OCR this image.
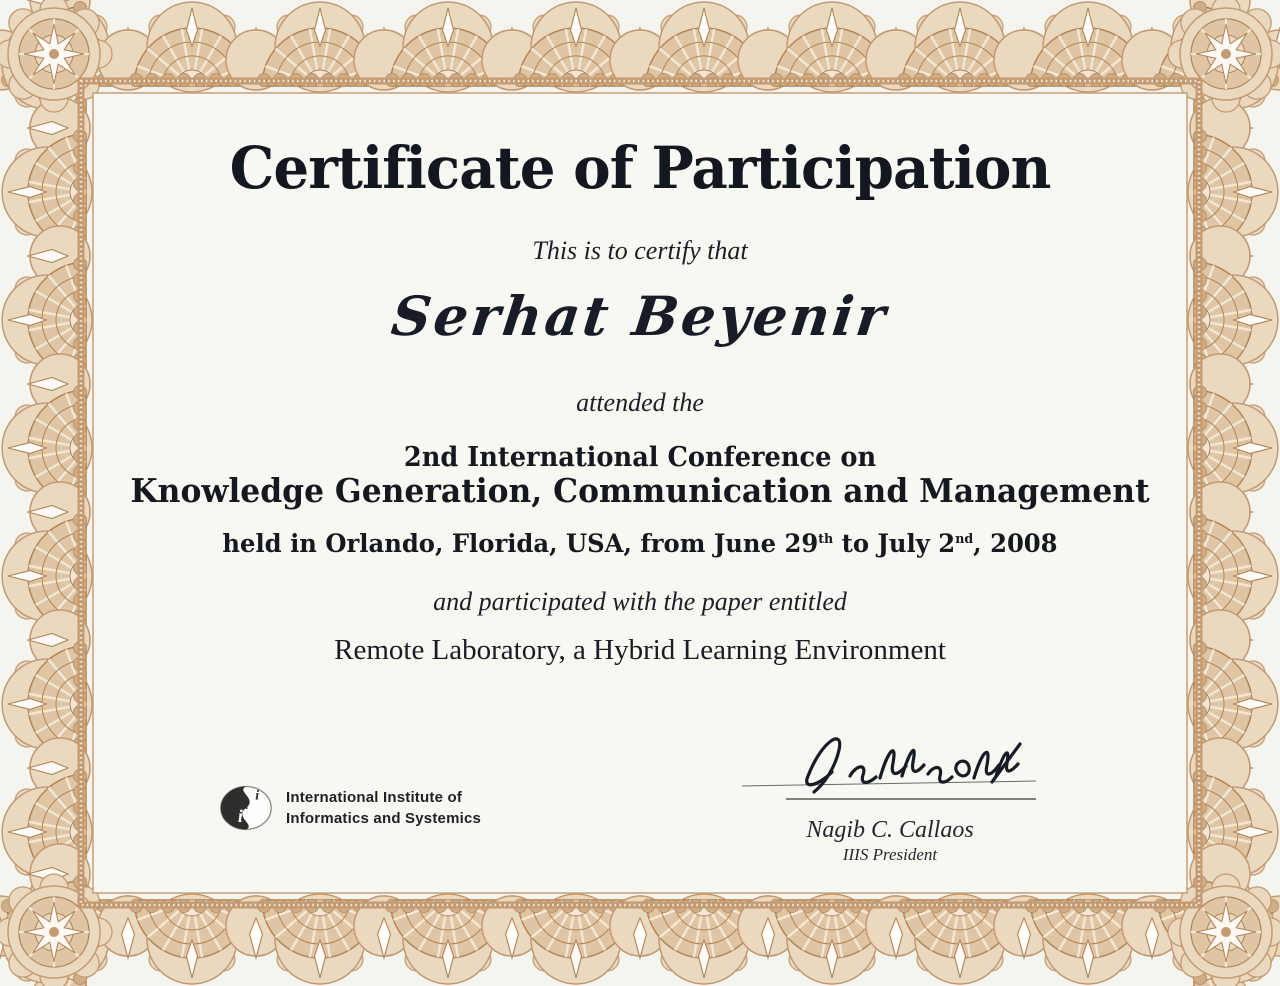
Certificate of Participation
This is to certify that
Serhat Beyenir
attended the
2nd International Conference on
Knowledge Generation, Communication and Management
held in Orlando, Florida, USA, from June 29th to July 2nd, 2008
and participated with the paper entitled
Remote Laboratory, a Hybrid Learning Environment
i i
i International Institute of
Informatics and Systemics	Nagib C. Callaos
IIIS President
